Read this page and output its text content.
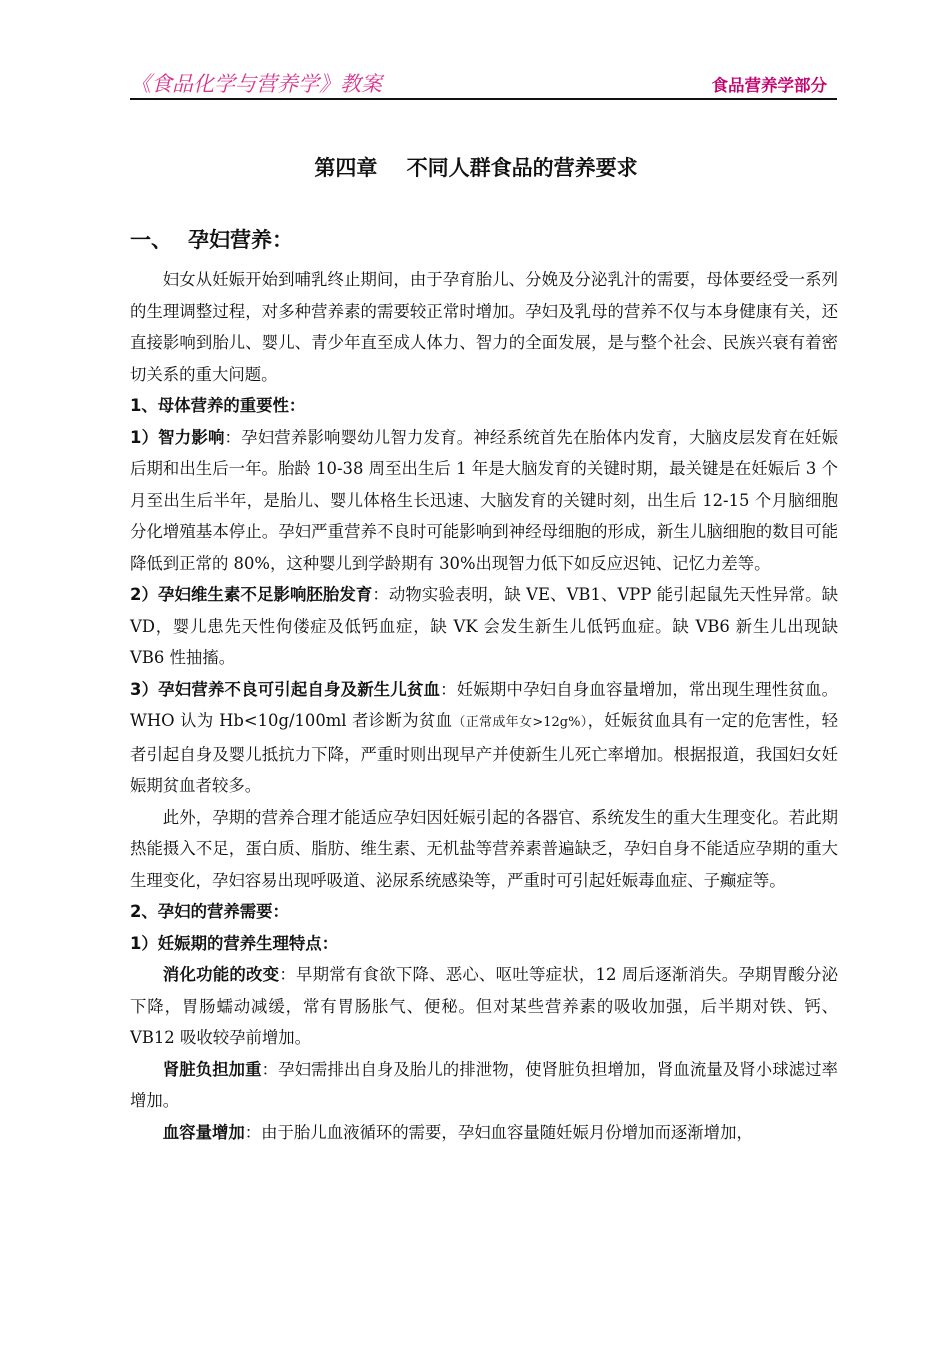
《食品化学与营养学》教案	食品营养学部分
第四章    不同人群食品的营养要求
一、 孕妇营养：

妇女从妊娠开始到哺乳终止期间，由于孕育胎儿、分娩及分泌乳汁的需要，母体要经受一系列的生理调整过程，对多种营养素的需要较正常时增加。孕妇及乳母的营养不仅与本身健康有关，还直接影响到胎儿、婴儿、青少年直至成人体力、智力的全面发展，是与整个社会、民族兴衰有着密切关系的重大问题。

1、母体营养的重要性：

1）智力影响：孕妇营养影响婴幼儿智力发育。神经系统首先在胎体内发育，大脑皮层发育在妊娠后期和出生后一年。胎龄 10-38 周至出生后 1 年是大脑发育的关键时期，最关键是在妊娠后 3 个月至出生后半年，是胎儿、婴儿体格生长迅速、大脑发育的关键时刻，出生后 12-15 个月脑细胞分化增殖基本停止。孕妇严重营养不良时可能影响到神经母细胞的形成，新生儿脑细胞的数目可能降低到正常的 80%，这种婴儿到学龄期有 30%出现智力低下如反应迟钝、记忆力差等。

2）孕妇维生素不足影响胚胎发育：动物实验表明，缺 VE、VB1、VPP 能引起鼠先天性异常。缺 VD，婴儿患先天性佝偻症及低钙血症，缺 VK 会发生新生儿低钙血症。缺 VB6 新生儿出现缺 VB6 性抽搐。

3）孕妇营养不良可引起自身及新生儿贫血：妊娠期中孕妇自身血容量增加，常出现生理性贫血。WHO 认为 Hb<10g/100ml 者诊断为贫血（正常成年女>12g%），妊娠贫血具有一定的危害性，轻者引起自身及婴儿抵抗力下降，严重时则出现早产并使新生儿死亡率增加。根据报道，我国妇女妊娠期贫血者较多。

此外，孕期的营养合理才能适应孕妇因妊娠引起的各器官、系统发生的重大生理变化。若此期热能摄入不足，蛋白质、脂肪、维生素、无机盐等营养素普遍缺乏，孕妇自身不能适应孕期的重大生理变化，孕妇容易出现呼吸道、泌尿系统感染等，严重时可引起妊娠毒血症、子癫症等。

2、孕妇的营养需要：

1）妊娠期的营养生理特点：

消化功能的改变：早期常有食欲下降、恶心、呕吐等症状，12 周后逐渐消失。孕期胃酸分泌下降，胃肠蠕动减缓，常有胃肠胀气、便秘。但对某些营养素的吸收加强，后半期对铁、钙、VB12 吸收较孕前增加。

肾脏负担加重：孕妇需排出自身及胎儿的排泄物，使肾脏负担增加，肾血流量及肾小球滤过率增加。

血容量增加：由于胎儿血液循环的需要，孕妇血容量随妊娠月份增加而逐渐增加，
